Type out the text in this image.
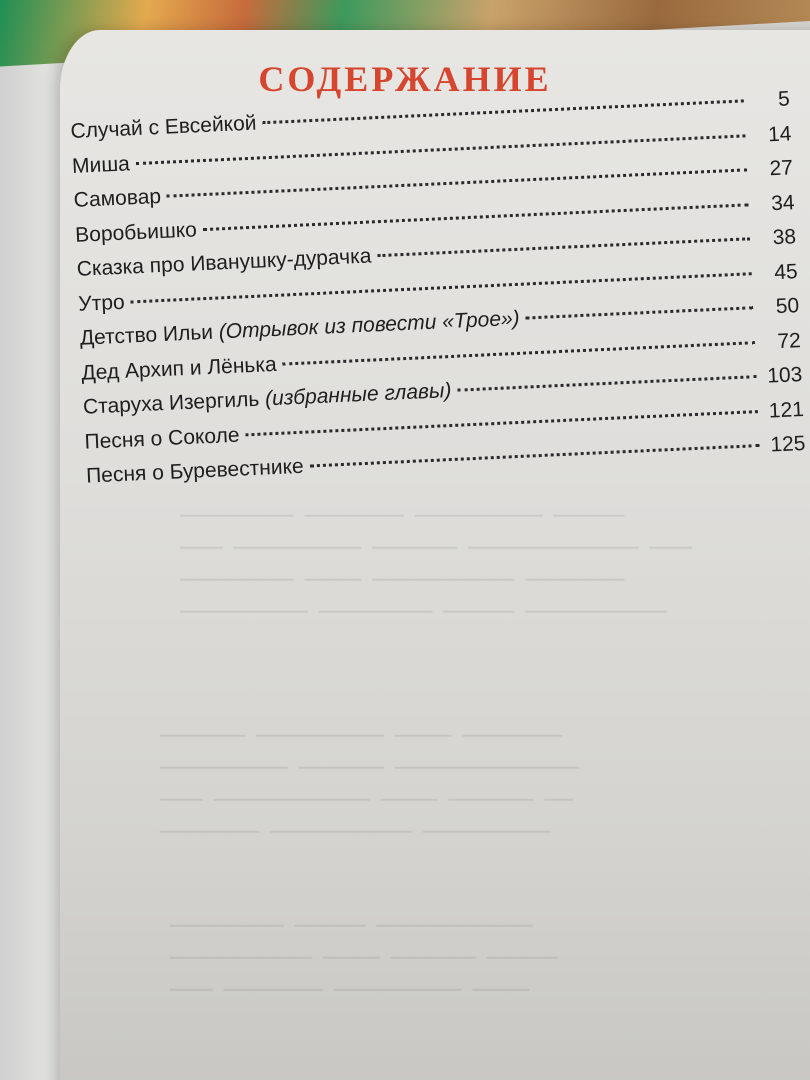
────────  ───────  ─────────  ─────
───  ─────────  ──────  ────────────  ───
────────  ────  ──────────  ───────
─────────  ────────  ─────  ──────────
──────  ─────────  ────  ───────
─────────  ──────  ─────────────
───  ───────────  ────  ──────  ──
───────  ──────────  ─────────
────────  ─────  ───────────
──────────  ────  ──────  ─────
───  ───────  ─────────  ────
СОДЕРЖАНИЕ
Случай с Евсейкой
5
Миша
14
Самовар
27
Воробьишко
34
Сказка про Иванушку-дурачка
38
Утро
45
Детство Ильи (Отрывок из повести «Трое»)
50
Дед Архип и Лёнька
72
Старуха Изергиль (избранные главы)
103
Песня о Соколе
121
Песня о Буревестнике
125
